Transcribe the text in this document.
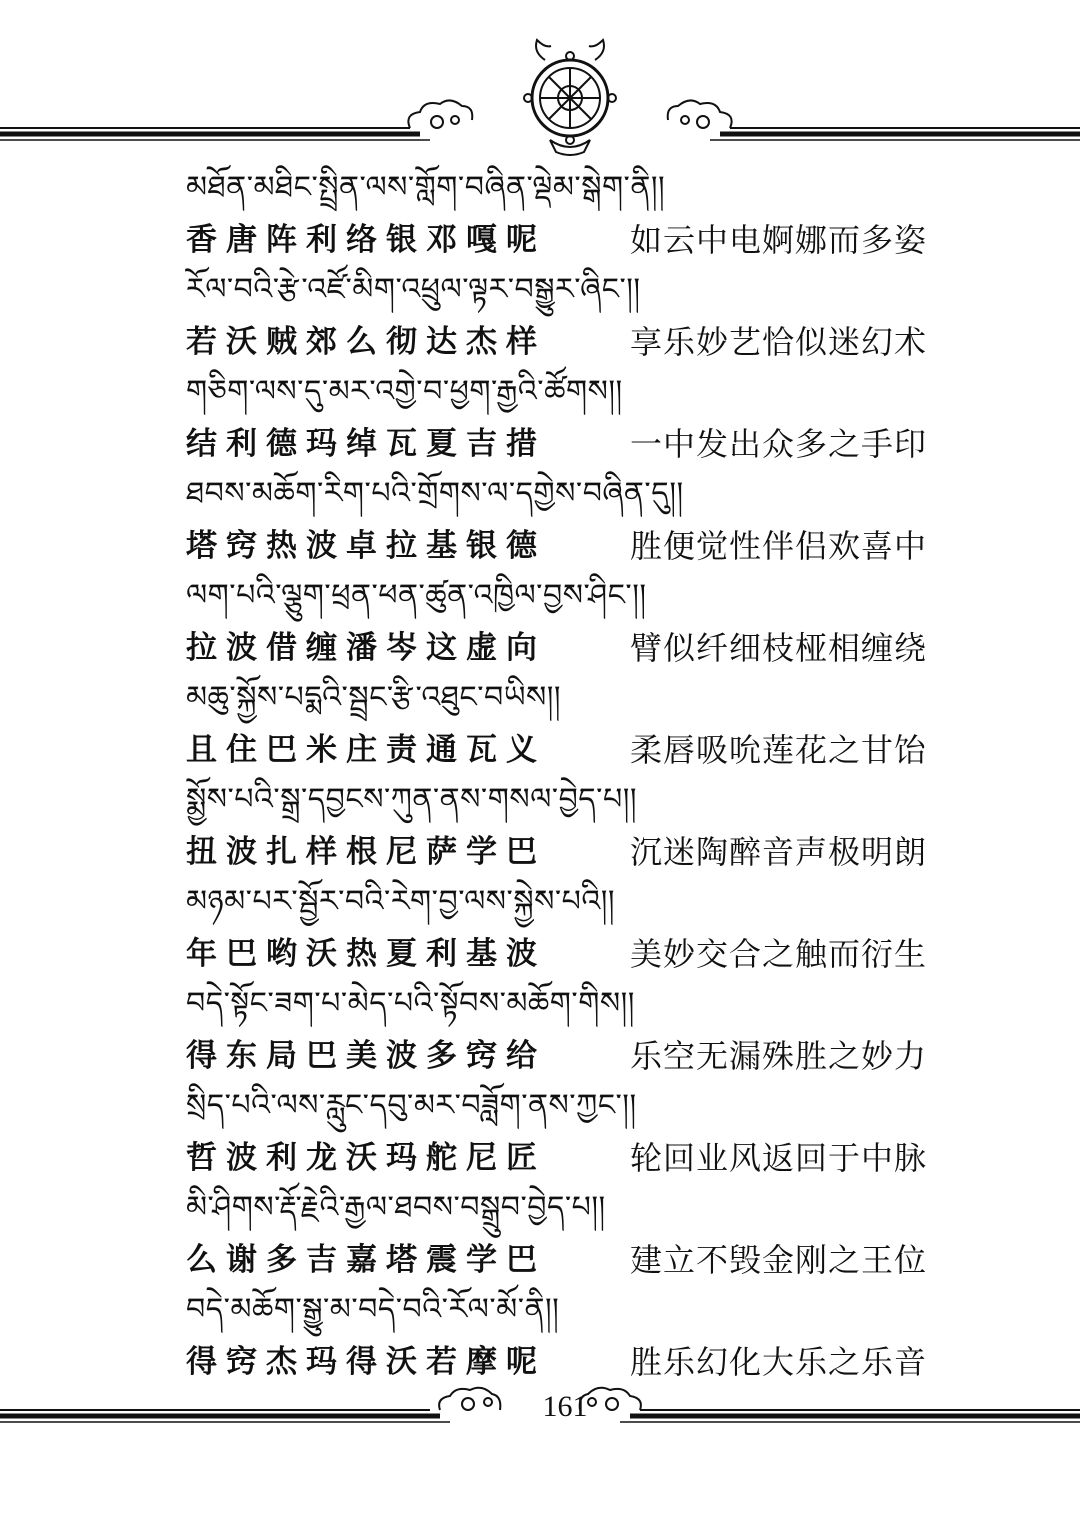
མཐོན་མཐིང་སྤྲིན་ལས་གློག་བཞིན་ལྡེམ་སྒེག་ནི།།
香唐阵利络银邓嘎呢	如云中电婀娜而多姿
རོལ་བའི་རྩེ་འཛོ་མིག་འཕྲུལ་ལྟར་བསྒྱུར་ཞིང་།།
若沃贼郊么彻达杰样	享乐妙艺恰似迷幻术
གཅིག་ལས་དུ་མར་འགྱེ་བ་ཕྱག་རྒྱའི་ཚོགས།།
结利德玛绰瓦夏吉措	一中发出众多之手印
ཐབས་མཆོག་རིག་པའི་གྲོགས་ལ་དགྱེས་བཞིན་དུ།།
塔窍热波卓拉基银德	胜便觉性伴侣欢喜中
ལག་པའི་ལྕུག་ཕྲན་ཕན་ཚུན་འཁྱིལ་བྱས་ཤིང་།།
拉波借缠潘岑这虚向	臂似纤细枝桠相缠绕
མཆུ་སྐྱོས་པདྨའི་སྦྲང་རྩི་འཐུང་བཡིས།།
且住巴米庄责通瓦义	柔唇吸吮莲花之甘饴
སྨྱོས་པའི་སྒྲ་དབྱངས་ཀུན་ནས་གསལ་བྱེད་པ།།
扭波扎样根尼萨学巴	沉迷陶醉音声极明朗
མཉམ་པར་སྦྱོར་བའི་རེག་བྱ་ལས་སྐྱེས་པའི།།
年巴哟沃热夏利基波	美妙交合之触而衍生
བདེ་སྟོང་ཟག་པ་མེད་པའི་སྟོབས་མཆོག་གིས།།
得东局巴美波多窍给	乐空无漏殊胜之妙力
སྲིད་པའི་ལས་རླུང་དབུ་མར་བཟློག་ནས་ཀྱང་།།
哲波利龙沃玛舵尼匠	轮回业风返回于中脉
མི་ཤིགས་རྡོ་རྗེའི་རྒྱལ་ཐབས་བསྒྲུབ་བྱེད་པ།།
么谢多吉嘉塔震学巴	建立不毁金刚之王位
བདེ་མཆོག་སྒྱུ་མ་བདེ་བའི་རོལ་མོ་ནི།།
得窍杰玛得沃若摩呢	胜乐幻化大乐之乐音
161
